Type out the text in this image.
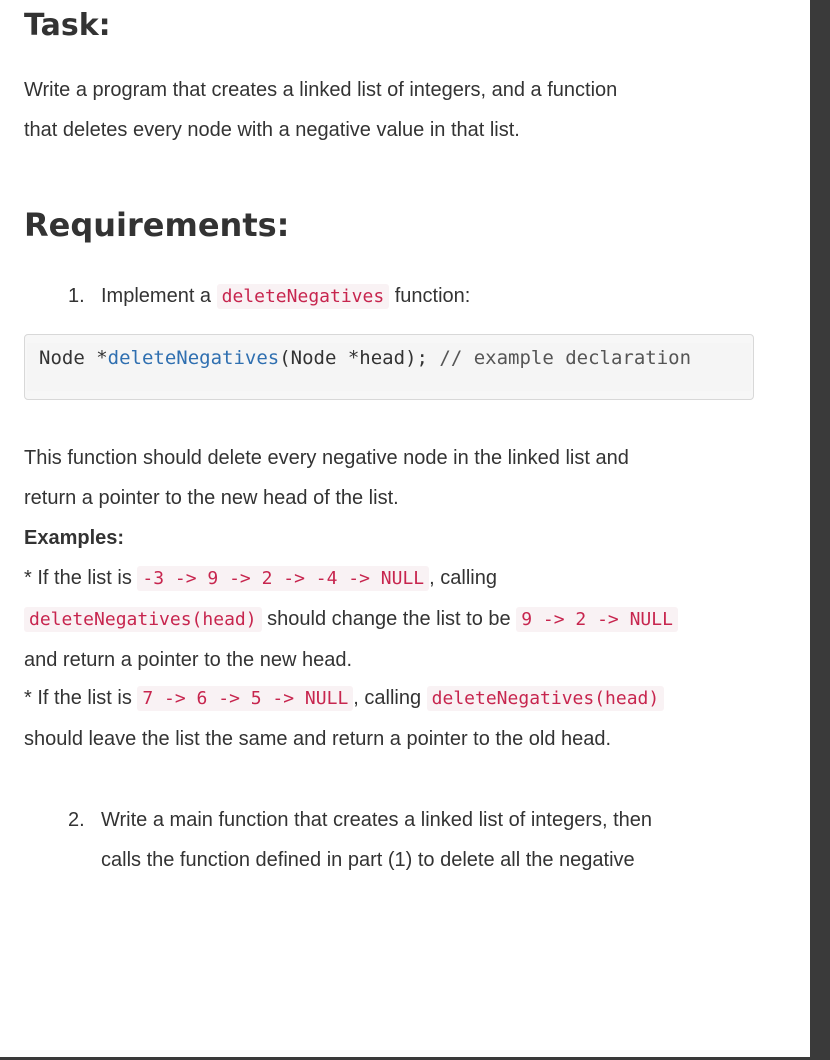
Task:
Write a program that creates a linked list of integers, and a function
that deletes every node with a negative value in that list.
Requirements:
1. Implement a deleteNegatives function:
Node *deleteNegatives(Node *head); // example declaration
This function should delete every negative node in the linked list and
return a pointer to the new head of the list.
Examples:
* If the list is -3 -> 9 -> 2 -> -4 -> NULL , calling
deleteNegatives(head) should change the list to be 9 -> 2 -> NULL
and return a pointer to the new head.
* If the list is 7 -> 6 -> 5 -> NULL , calling deleteNegatives(head)
should leave the list the same and return a pointer to the old head.
2. Write a main function that creates a linked list of integers, then
calls the function defined in part (1) to delete all the negative
